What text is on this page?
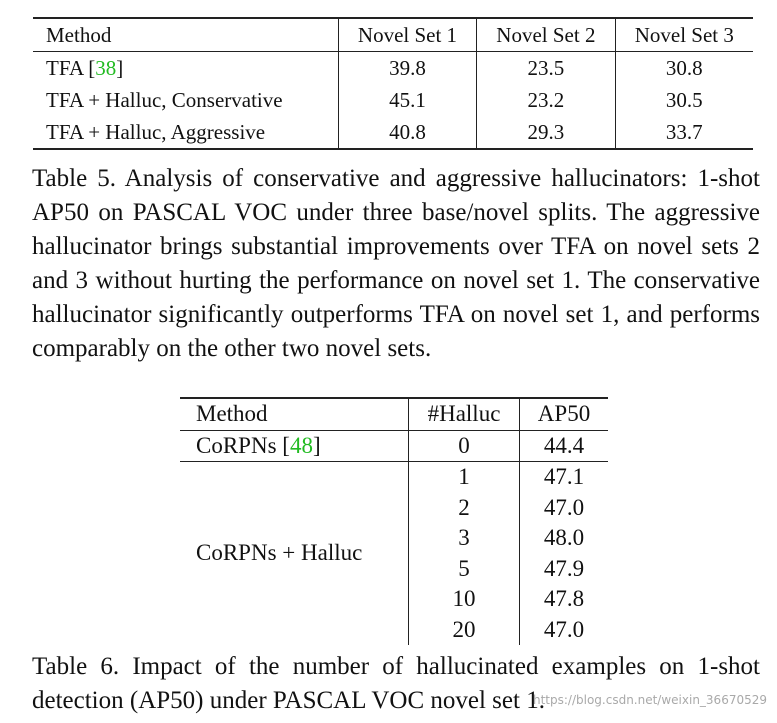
Method	Novel Set 1	Novel Set 2	Novel Set 3
TFA [38]	39.8	23.5	30.8
TFA + Halluc, Conservative	45.1	23.2	30.5
TFA + Halluc, Aggressive	40.8	29.3	33.7

Table 5. Analysis of conservative and aggressive hallucinators: 1-shot AP50 on PASCAL VOC under three base/novel splits. The aggressive hallucinator brings substantial improvements over TFA on novel sets 2 and 3 without hurting the performance on novel set 1. The conservative hallucinator significantly outperforms TFA on novel set 1, and performs comparably on the other two novel sets.

Method	#Halluc	AP50
CoRPNs [48]	0	44.4
CoRPNs + Halluc	1	47.1
	2	47.0
	3	48.0
	5	47.9
	10	47.8
	20	47.0

Table 6. Impact of the number of hallucinated examples on 1-shot detection (AP50) under PASCAL VOC novel set 1.

https://blog.csdn.net/weixin_36670529
